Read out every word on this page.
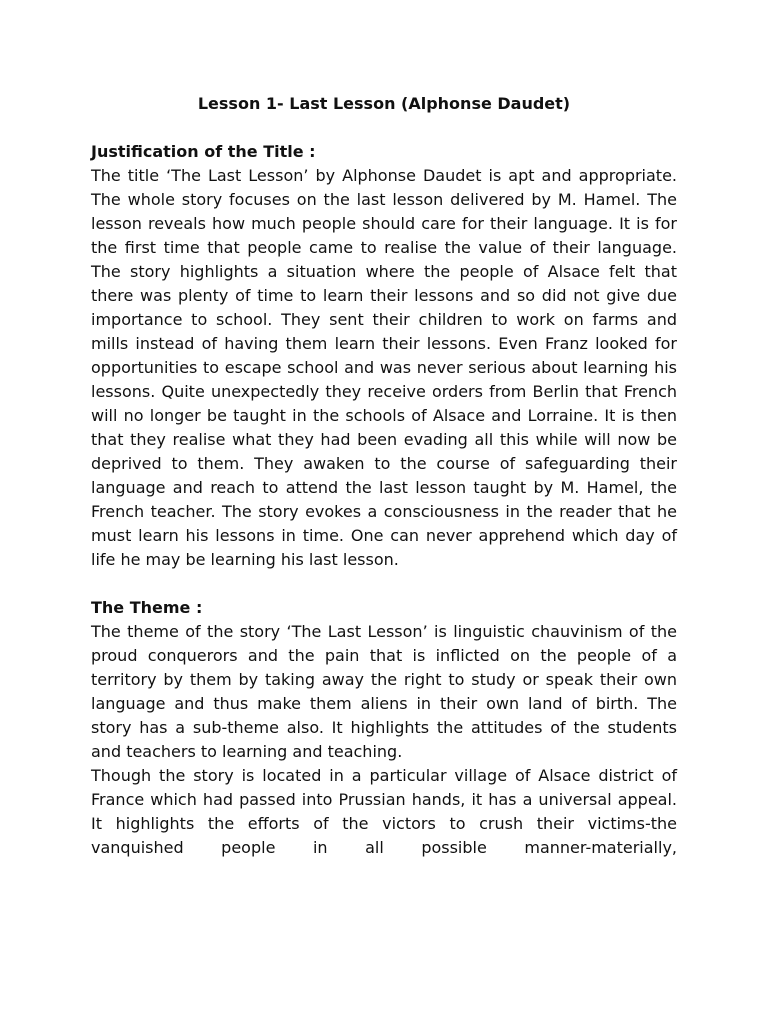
Lesson 1- Last Lesson (Alphonse Daudet)
Justification of the Title :

The title ‘The Last Lesson’ by Alphonse Daudet is apt and appropriate. The whole story focuses on the last lesson delivered by M. Hamel. The lesson reveals how much people should care for their language. It is for the first time that people came to realise the value of their language. The story highlights a situation where the people of Alsace felt that there was plenty of time to learn their lessons and so did not give due importance to school. They sent their children to work on farms and mills instead of having them learn their lessons. Even Franz looked for opportunities to escape school and was never serious about learning his lessons. Quite unexpectedly they receive orders from Berlin that French will no longer be taught in the schools of Alsace and Lorraine. It is then that they realise what they had been evading all this while will now be deprived to them. They awaken to the course of safeguarding their language and reach to attend the last lesson taught by M. Hamel, the French teacher. The story evokes a consciousness in the reader that he must learn his lessons in time. One can never apprehend which day of life he may be learning his last lesson.

The Theme :

The theme of the story ‘The Last Lesson’ is linguistic chauvinism of the proud conquerors and the pain that is inflicted on the people of a territory by them by taking away the right to study or speak their own language and thus make them aliens in their own land of birth. The story has a sub-theme also. It highlights the attitudes of the students and teachers to learning and teaching.

Though the story is located in a particular village of Alsace district of France which had passed into Prussian hands, it has a universal appeal. It highlights the efforts of the victors to crush their victims-the vanquished people in all possible manner-materially,
